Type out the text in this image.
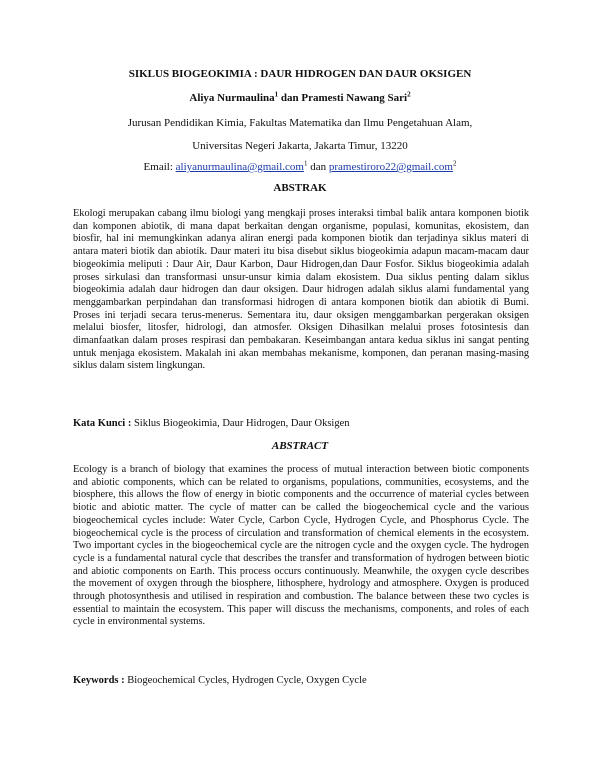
SIKLUS BIOGEOKIMIA : DAUR HIDROGEN DAN DAUR OKSIGEN
Aliya Nurmaulina$^1$ dan Pramesti Nawang Sari$^2$
Jurusan Pendidikan Kimia, Fakultas Matematika dan Ilmu Pengetahuan Alam,
Universitas Negeri Jakarta, Jakarta Timur, 13220
Email: aliyanurmaulina@gmail.com$^1$ dan pramestiroro22@gmail.com$^2$
ABSTRAK
Ekologi merupakan cabang ilmu biologi yang mengkaji proses interaksi timbal balik antara komponen biotik dan komponen abiotik, di mana dapat berkaitan dengan organisme, populasi, komunitas, ekosistem, dan biosfir, hal ini memungkinkan adanya aliran energi pada komponen biotik dan terjadinya siklus materi di antara materi biotik dan abiotik. Daur materi itu bisa disebut siklus biogeokimia adapun macam-macam daur biogeokimia meliputi : Daur Air, Daur Karbon, Daur Hidrogen,dan Daur Fosfor. Siklus biogeokimia adalah proses sirkulasi dan transformasi unsur-unsur kimia dalam ekosistem. Dua siklus penting dalam siklus biogeokimia adalah daur hidrogen dan daur oksigen. Daur hidrogen adalah siklus alami fundamental yang menggambarkan perpindahan dan transformasi hidrogen di antara komponen biotik dan abiotik di Bumi. Proses ini terjadi secara terus-menerus. Sementara itu, daur oksigen menggambarkan pergerakan oksigen melalui biosfer, litosfer, hidrologi, dan atmosfer. Oksigen Dihasilkan melalui proses fotosintesis dan dimanfaatkan dalam proses respirasi dan pembakaran. Keseimbangan antara kedua siklus ini sangat penting untuk menjaga ekosistem. Makalah ini akan membahas mekanisme, komponen, dan peranan masing-masing siklus dalam sistem lingkungan.
Kata Kunci : Siklus Biogeokimia, Daur Hidrogen, Daur Oksigen
ABSTRACT
Ecology is a branch of biology that examines the process of mutual interaction between biotic components and abiotic components, which can be related to organisms, populations, communities, ecosystems, and the biosphere, this allows the flow of energy in biotic components and the occurrence of material cycles between biotic and abiotic matter. The cycle of matter can be called the biogeochemical cycle and the various biogeochemical cycles include: Water Cycle, Carbon Cycle, Hydrogen Cycle, and Phosphorus Cycle. The biogeochemical cycle is the process of circulation and transformation of chemical elements in the ecosystem. Two important cycles in the biogeochemical cycle are the nitrogen cycle and the oxygen cycle. The hydrogen cycle is a fundamental natural cycle that describes the transfer and transformation of hydrogen between biotic and abiotic components on Earth. This process occurs continuously. Meanwhile, the oxygen cycle describes the movement of oxygen through the biosphere, lithosphere, hydrology and atmosphere. Oxygen is produced through photosynthesis and utilised in respiration and combustion. The balance between these two cycles is essential to maintain the ecosystem. This paper will discuss the mechanisms, components, and roles of each cycle in environmental systems.
Keywords : Biogeochemical Cycles, Hydrogen Cycle, Oxygen Cycle
